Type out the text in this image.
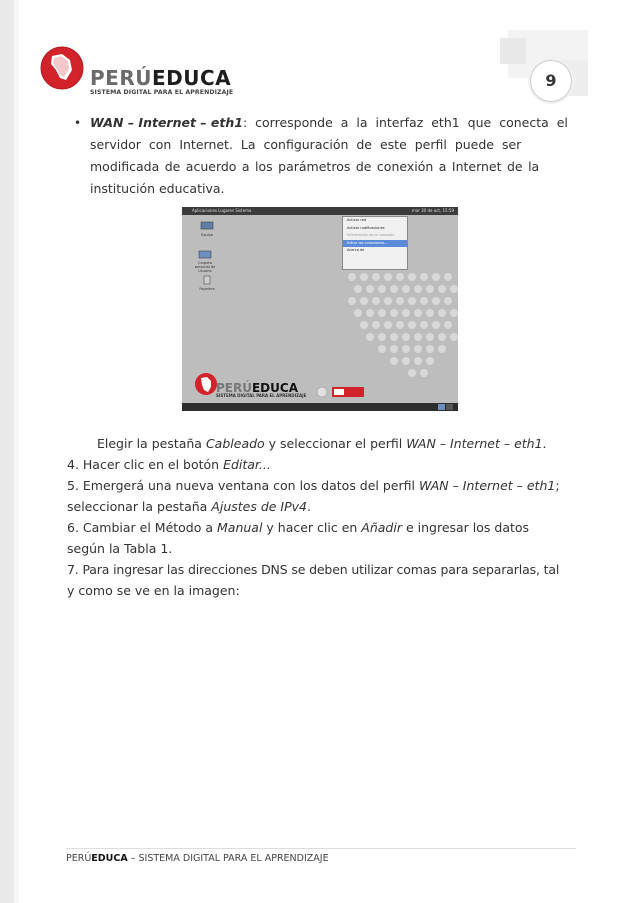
PERÚEDUCA
SISTEMA DIGITAL PARA EL APRENDIZAJE
9
• WAN – Internet – eth1: corresponde a la interfaz eth1 que conecta el
servidor con Internet. La configuración de este perfil puede ser
modificada de acuerdo a los parámetros de conexión a Internet de la
institución educativa.
Aplicaciones Lugares Sistema	mar 30 de oct, 15:59
Equipo
Carpeta personal de Usuario
Papelera
Activar red
Activar notificaciones
Información de la conexión
Editar las conexiones...
Acerca de
PERÚEDUCA
SISTEMA DIGITAL PARA EL APRENDIZAJE

Elegir la pestaña Cableado y seleccionar el perfil WAN – Internet – eth1.

4. Hacer clic en el botón Editar...

5. Emergerá una nueva ventana con los datos del perfil WAN – Internet – eth1;

seleccionar la pestaña Ajustes de IPv4.

6. Cambiar el Método a Manual y hacer clic en Añadir e ingresar los datos

según la Tabla 1.

7. Para ingresar las direcciones DNS se deben utilizar comas para separarlas, tal

y como se ve en la imagen:

PERÚEDUCA – SISTEMA DIGITAL PARA EL APRENDIZAJE
